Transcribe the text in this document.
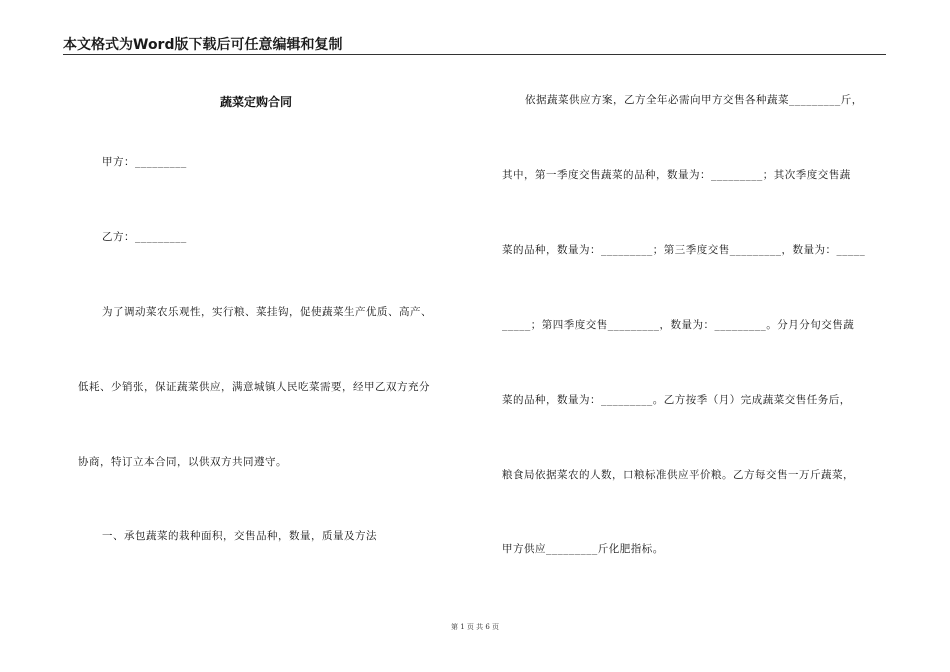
本文格式为Word版下载后可任意编辑和复制
蔬菜定购合同
甲方：_________
乙方：_________
为了调动菜农乐观性，实行粮、菜挂钩，促使蔬菜生产优质、高产、
低耗、少销张，保证蔬菜供应，满意城镇人民吃菜需要，经甲乙双方充分
协商，特订立本合同，以供双方共同遵守。
一、承包蔬菜的栽种面积，交售品种，数量，质量及方法
依据蔬菜供应方案，乙方全年必需向甲方交售各种蔬菜_________斤，
其中，第一季度交售蔬菜的品种，数量为：_________；其次季度交售蔬
菜的品种，数量为：_________；第三季度交售_________，数量为：_____
_____；第四季度交售_________，数量为：_________。分月分旬交售蔬
菜的品种，数量为：_________。乙方按季（月）完成蔬菜交售任务后，
粮食局依据菜农的人数，口粮标准供应平价粮。乙方每交售一万斤蔬菜，
甲方供应_________斤化肥指标。
第 1 页 共 6 页
